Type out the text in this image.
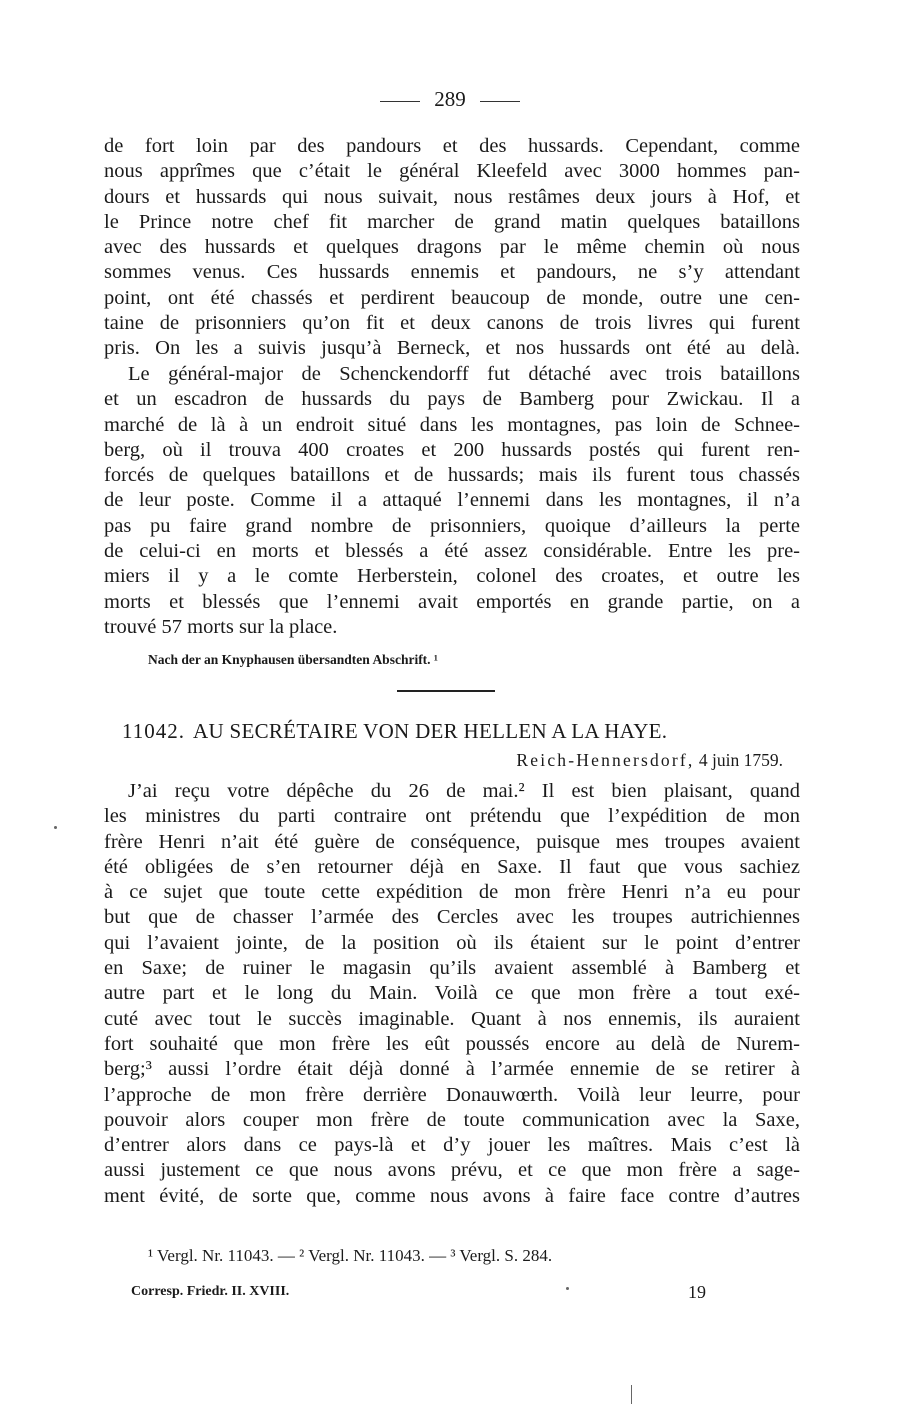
289
de fort loin par des pandours et des hussards. Cependant, comme
nous apprîmes que c’était le général Kleefeld avec 3000 hommes pan-
dours et hussards qui nous suivait, nous restâmes deux jours à Hof, et
le Prince notre chef fit marcher de grand matin quelques bataillons
avec des hussards et quelques dragons par le même chemin où nous
sommes venus. Ces hussards ennemis et pandours, ne s’y attendant
point, ont été chassés et perdirent beaucoup de monde, outre une cen-
taine de prisonniers qu’on fit et deux canons de trois livres qui furent
pris. On les a suivis jusqu’à Berneck, et nos hussards ont été au delà.
Le général-major de Schenckendorff fut détaché avec trois bataillons
et un escadron de hussards du pays de Bamberg pour Zwickau. Il a
marché de là à un endroit situé dans les montagnes, pas loin de Schnee-
berg, où il trouva 400 croates et 200 hussards postés qui furent ren-
forcés de quelques bataillons et de hussards; mais ils furent tous chassés
de leur poste. Comme il a attaqué l’ennemi dans les montagnes, il n’a
pas pu faire grand nombre de prisonniers, quoique d’ailleurs la perte
de celui-ci en morts et blessés a été assez considérable. Entre les pre-
miers il y a le comte Herberstein, colonel des croates, et outre les
morts et blessés que l’ennemi avait emportés en grande partie, on a
trouvé 57 morts sur la place.
Nach der an Knyphausen übersandten Abschrift. ¹
11042. AU SECRÉTAIRE VON DER HELLEN A LA HAYE.
Reich-Hennersdorf, 4 juin 1759.
J’ai reçu votre dépêche du 26 de mai.² Il est bien plaisant, quand
les ministres du parti contraire ont prétendu que l’expédition de mon
frère Henri n’ait été guère de conséquence, puisque mes troupes avaient
été obligées de s’en retourner déjà en Saxe. Il faut que vous sachiez
à ce sujet que toute cette expédition de mon frère Henri n’a eu pour
but que de chasser l’armée des Cercles avec les troupes autrichiennes
qui l’avaient jointe, de la position où ils étaient sur le point d’entrer
en Saxe; de ruiner le magasin qu’ils avaient assemblé à Bamberg et
autre part et le long du Main. Voilà ce que mon frère a tout exé-
cuté avec tout le succès imaginable. Quant à nos ennemis, ils auraient
fort souhaité que mon frère les eût poussés encore au delà de Nurem-
berg;³ aussi l’ordre était déjà donné à l’armée ennemie de se retirer à
l’approche de mon frère derrière Donauwœrth. Voilà leur leurre, pour
pouvoir alors couper mon frère de toute communication avec la Saxe,
d’entrer alors dans ce pays-là et d’y jouer les maîtres. Mais c’est là
aussi justement ce que nous avons prévu, et ce que mon frère a sage-
ment évité, de sorte que, comme nous avons à faire face contre d’autres
¹ Vergl. Nr. 11043. — ² Vergl. Nr. 11043. — ³ Vergl. S. 284.
Corresp. Friedr. II. XVIII.	19
